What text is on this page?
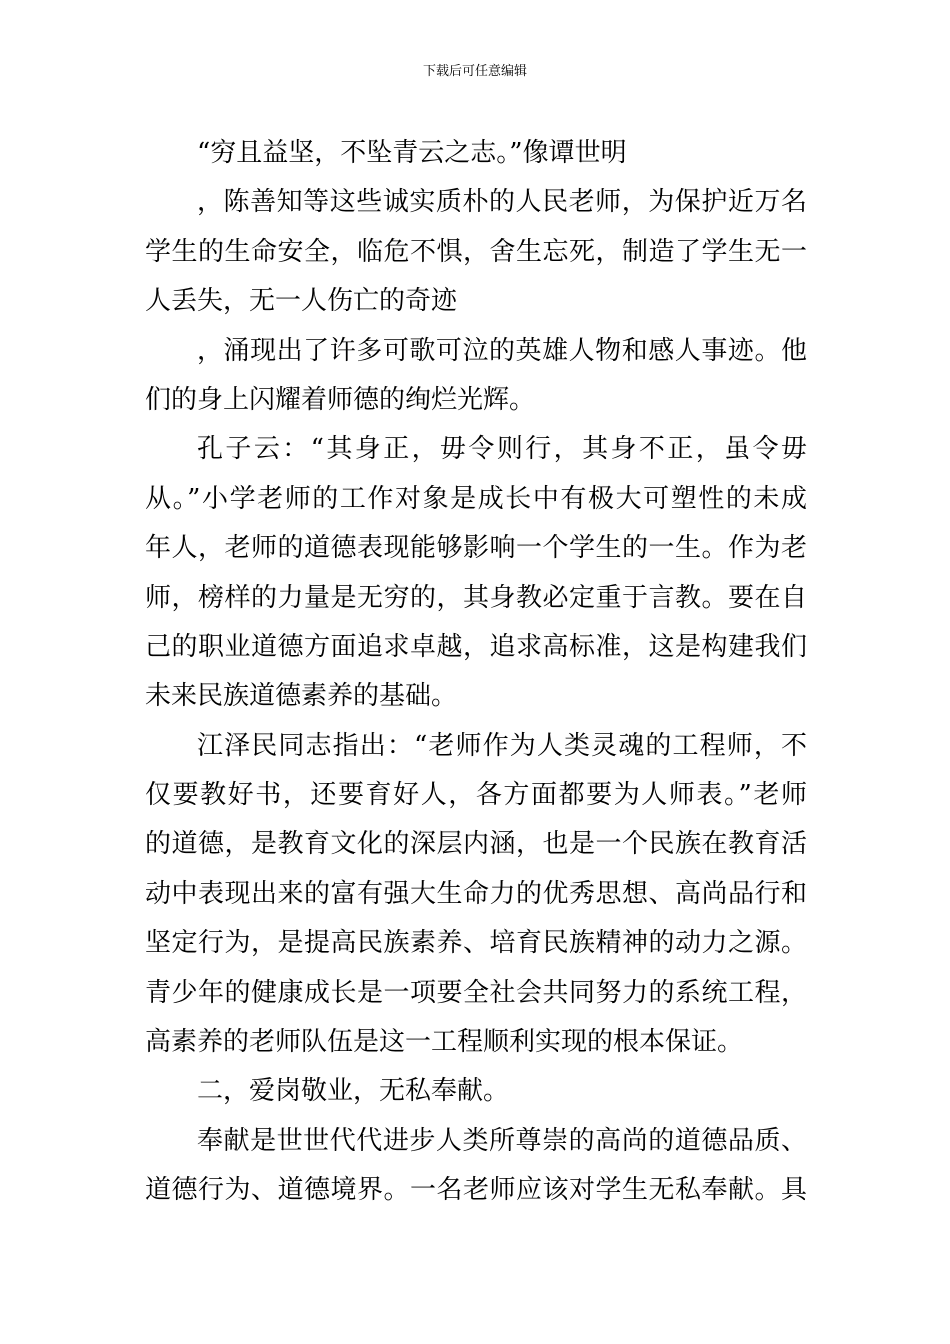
下载后可任意编辑
“穷且益坚，不坠青云之志。”像谭世明
，陈善知等这些诚实质朴的人民老师，为保护近万名
学生的生命安全，临危不惧，舍生忘死，制造了学生无一
人丢失，无一人伤亡的奇迹
，涌现出了许多可歌可泣的英雄人物和感人事迹。他
们的身上闪耀着师德的绚烂光辉。
孔子云：“其身正，毋令则行，其身不正，虽令毋
从。”小学老师的工作对象是成长中有极大可塑性的未成
年人，老师的道德表现能够影响一个学生的一生。作为老
师，榜样的力量是无穷的，其身教必定重于言教。要在自
己的职业道德方面追求卓越，追求高标准，这是构建我们
未来民族道德素养的基础。
江泽民同志指出：“老师作为人类灵魂的工程师，不
仅要教好书，还要育好人，各方面都要为人师表。”老师
的道德，是教育文化的深层内涵，也是一个民族在教育活
动中表现出来的富有强大生命力的优秀思想、高尚品行和
坚定行为，是提高民族素养、培育民族精神的动力之源。
青少年的健康成长是一项要全社会共同努力的系统工程，
高素养的老师队伍是这一工程顺利实现的根本保证。
二，爱岗敬业，无私奉献。
奉献是世世代代进步人类所尊崇的高尚的道德品质、
道德行为、道德境界。一名老师应该对学生无私奉献。具
